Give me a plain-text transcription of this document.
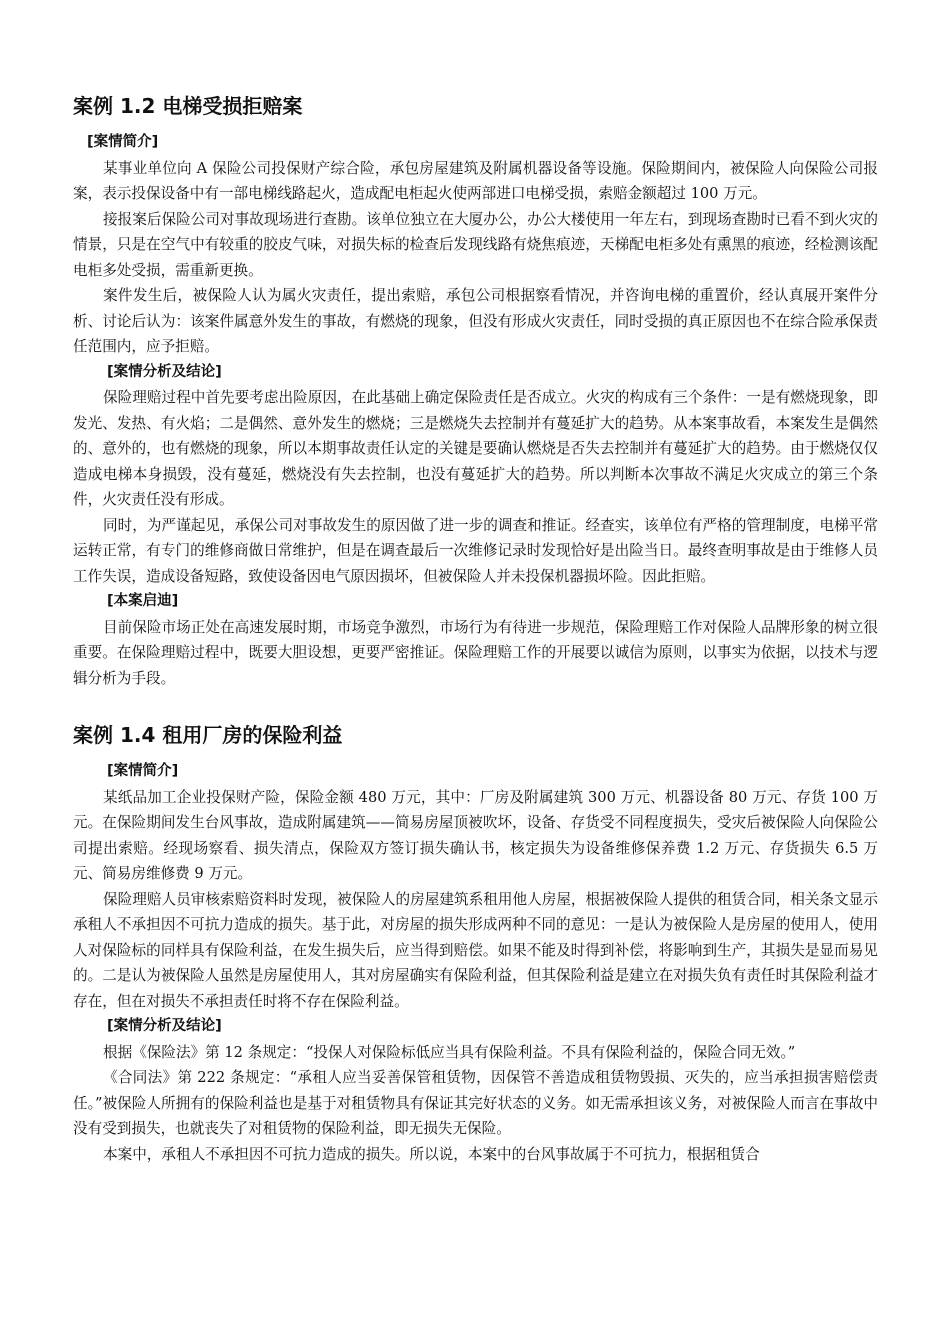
案例 1.2 电梯受损拒赔案
[案情简介]

某事业单位向 A 保险公司投保财产综合险，承包房屋建筑及附属机器设备等设施。保险期间内，被保险人向保险公司报案，表示投保设备中有一部电梯线路起火，造成配电柜起火使两部进口电梯受损，索赔金额超过 100 万元。

接报案后保险公司对事故现场进行查勘。该单位独立在大厦办公，办公大楼使用一年左右，到现场查勘时已看不到火灾的情景，只是在空气中有较重的胶皮气味，对损失标的检查后发现线路有烧焦痕迹，天梯配电柜多处有熏黑的痕迹，经检测该配电柜多处受损，需重新更换。

案件发生后，被保险人认为属火灾责任，提出索赔，承包公司根据察看情况，并咨询电梯的重置价，经认真展开案件分析、讨论后认为：该案件属意外发生的事故，有燃烧的现象，但没有形成火灾责任，同时受损的真正原因也不在综合险承保责任范围内，应予拒赔。

[案情分析及结论]

保险理赔过程中首先要考虑出险原因，在此基础上确定保险责任是否成立。火灾的构成有三个条件：一是有燃烧现象，即发光、发热、有火焰；二是偶然、意外发生的燃烧；三是燃烧失去控制并有蔓延扩大的趋势。从本案事故看，本案发生是偶然的、意外的，也有燃烧的现象，所以本期事故责任认定的关键是要确认燃烧是否失去控制并有蔓延扩大的趋势。由于燃烧仅仅造成电梯本身损毁，没有蔓延，燃烧没有失去控制，也没有蔓延扩大的趋势。所以判断本次事故不满足火灾成立的第三个条件，火灾责任没有形成。

同时，为严谨起见，承保公司对事故发生的原因做了进一步的调查和推证。经查实，该单位有严格的管理制度，电梯平常运转正常，有专门的维修商做日常维护，但是在调查最后一次维修记录时发现恰好是出险当日。最终查明事故是由于维修人员工作失误，造成设备短路，致使设备因电气原因损坏，但被保险人并未投保机器损坏险。因此拒赔。

[本案启迪]

目前保险市场正处在高速发展时期，市场竞争激烈，市场行为有待进一步规范，保险理赔工作对保险人品牌形象的树立很重要。在保险理赔过程中，既要大胆设想，更要严密推证。保险理赔工作的开展要以诚信为原则，以事实为依据，以技术与逻辑分析为手段。

案例 1.4 租用厂房的保险利益
[案情简介]

某纸品加工企业投保财产险，保险金额 480 万元，其中：厂房及附属建筑 300 万元、机器设备 80 万元、存货 100 万元。在保险期间发生台风事故，造成附属建筑——简易房屋顶被吹坏，设备、存货受不同程度损失，受灾后被保险人向保险公司提出索赔。经现场察看、损失清点，保险双方签订损失确认书，核定损失为设备维修保养费 1.2 万元、存货损失 6.5 万元、简易房维修费 9 万元。

保险理赔人员审核索赔资料时发现，被保险人的房屋建筑系租用他人房屋，根据被保险人提供的租赁合同，相关条文显示承租人不承担因不可抗力造成的损失。基于此，对房屋的损失形成两种不同的意见：一是认为被保险人是房屋的使用人，使用人对保险标的同样具有保险利益，在发生损失后，应当得到赔偿。如果不能及时得到补偿，将影响到生产，其损失是显而易见的。二是认为被保险人虽然是房屋使用人，其对房屋确实有保险利益，但其保险利益是建立在对损失负有责任时其保险利益才存在，但在对损失不承担责任时将不存在保险利益。

[案情分析及结论]

根据《保险法》第 12 条规定：“投保人对保险标低应当具有保险利益。不具有保险利益的，保险合同无效。”

《合同法》第 222 条规定：“承租人应当妥善保管租赁物，因保管不善造成租赁物毁损、灭失的，应当承担损害赔偿责任。”被保险人所拥有的保险利益也是基于对租赁物具有保证其完好状态的义务。如无需承担该义务，对被保险人而言在事故中没有受到损失，也就丧失了对租赁物的保险利益，即无损失无保险。

本案中，承租人不承担因不可抗力造成的损失。所以说，本案中的台风事故属于不可抗力，根据租赁合
